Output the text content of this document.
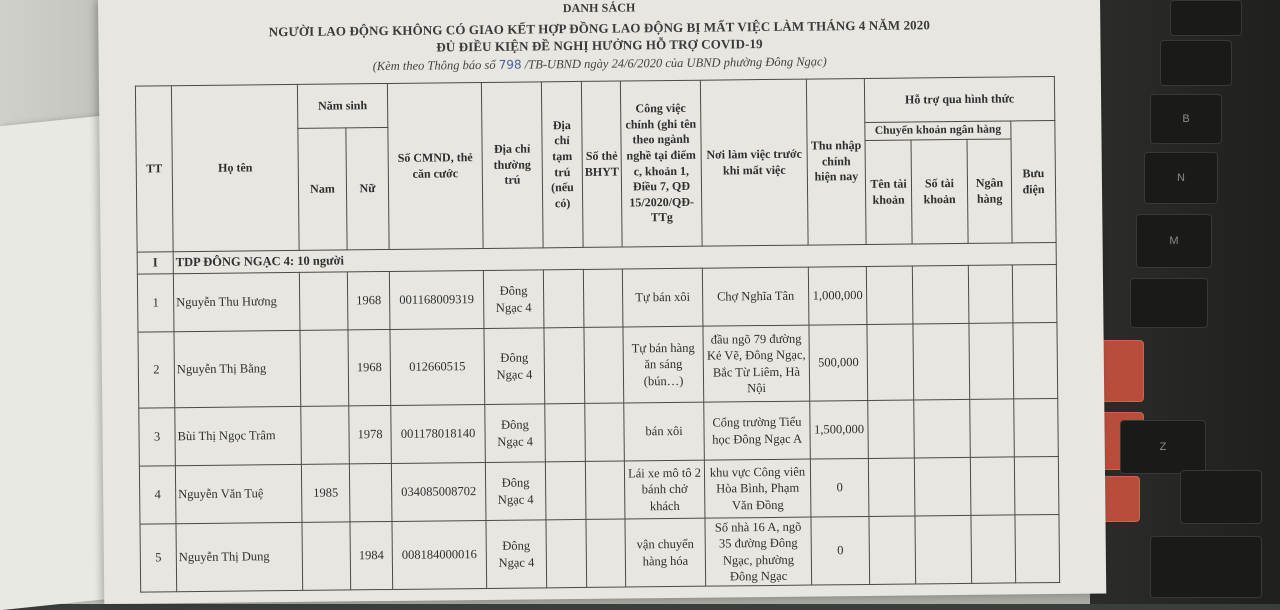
B
N
M
Z
DANH SÁCH
NGƯỜI LAO ĐỘNG KHÔNG CÓ GIAO KẾT HỢP ĐỒNG LAO ĐỘNG BỊ MẤT VIỆC LÀM THÁNG 4 NĂM 2020
ĐỦ ĐIỀU KIỆN ĐỀ NGHỊ HƯỞNG HỖ TRỢ COVID-19
(Kèm theo Thông báo số 798 /TB-UBND ngày 24/6/2020 của UBND phường Đông Ngạc)
TT	Họ tên	Năm sinh		Số CMND, thẻ căn cước	Địa chỉ thường trú	Địa chỉ tạm trú (nếu có)	Số thẻ BHYT	Công việc chính (ghi tên theo ngành nghề tại điểm c, khoản 1, Điều 7, QĐ 15/2020/QĐ-TTg	Nơi làm việc trước khi mất việc	Thu nhập chính hiện nay	Hỗ trợ qua hình thức			
		Nam	Nữ								Chuyển khoản ngân hàng			Bưu điện
											Tên tài khoản	Số tài khoản	Ngân hàng	
I	TDP ĐÔNG NGẠC 4: 10 người													
1	Nguyễn Thu Hương		1968	001168009319	Đông Ngạc 4			Tự bán xôi	Chợ Nghĩa Tân	1,000,000				
2	Nguyễn Thị Bằng		1968	012660515	Đông Ngạc 4			Tự bán hàng ăn sáng (bún…)	đầu ngõ 79 đường Kẻ Vẽ, Đông Ngạc, Bắc Từ Liêm, Hà Nội	500,000				
3	Bùi Thị Ngọc Trâm		1978	001178018140	Đông Ngạc 4			bán xôi	Cổng trường Tiểu học Đông Ngạc A	1,500,000				
4	Nguyễn Văn Tuệ	1985		034085008702	Đông Ngạc 4			Lái xe mô tô 2 bánh chở khách	khu vực Công viên Hòa Bình, Phạm Văn Đồng	0				
5	Nguyễn Thị Dung		1984	008184000016	Đông Ngạc 4			vận chuyển hàng hóa	Số nhà 16 A, ngõ 35 đường Đông Ngạc, phường Đông Ngạc	0				
